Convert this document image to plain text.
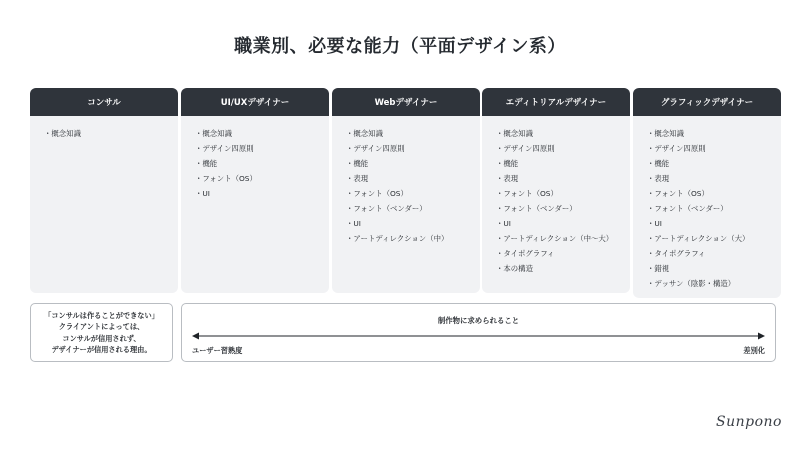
職業別、必要な能力（平面デザイン系）
コンサル
・概念知識
UI/UXデザイナー
・概念知識
・デザイン四原則
・機能
・フォント（OS）
・UI
Webデザイナー
・概念知識
・デザイン四原則
・機能
・表現
・フォント（OS）
・フォント（ベンダー）
・UI
・アートディレクション（中）
エディトリアルデザイナー
・概念知識
・デザイン四原則
・機能
・表現
・フォント（OS）
・フォント（ベンダー）
・UI
・アートディレクション（中〜大）
・タイポグラフィ
・本の構造
グラフィックデザイナー
・概念知識
・デザイン四原則
・機能
・表現
・フォント（OS）
・フォント（ベンダー）
・UI
・アートディレクション（大）
・タイポグラフィ
・錯視
・デッサン（陰影・構造）
「コンサルは作ることができない」
クライアントによっては、
コンサルが信用されず、
デザイナーが信用される理由。
制作物に求められること
ユーザー習熟度	差別化
Sunpono
